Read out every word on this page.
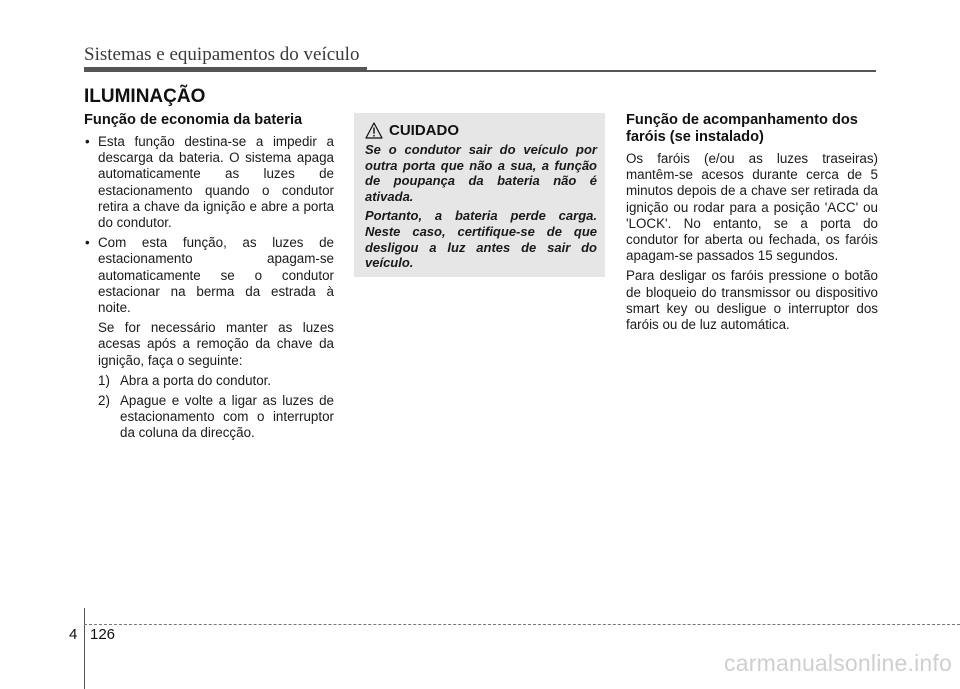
Sistemas e equipamentos do veículo
ILUMINAÇÃO
Função de economia da bateria
• Esta função destina-se a impedir a descarga da bateria. O sistema apaga automaticamente as luzes de estacionamento quando o condutor retira a chave da ignição e abre a porta do condutor.
• Com esta função, as luzes de estacionamento apagam-se automaticamente se o condutor estacionar na berma da estrada à noite.

Se for necessário manter as luzes acesas após a remoção da chave da ignição, faça o seguinte:

1) Abra a porta do condutor.
2) Apague e volte a ligar as luzes de estacionamento com o interruptor da coluna da direcção.
CUIDADO

Se o condutor sair do veículo por outra porta que não a sua, a função de poupança da bateria não é ativada.

Portanto, a bateria perde carga. Neste caso, certifique-se de que desligou a luz antes de sair do veículo.

Função de acompanhamento dos faróis (se instalado)

Os faróis (e/ou as luzes traseiras) mantêm-se acesos durante cerca de 5 minutos depois de a chave ser retirada da ignição ou rodar para a posição 'ACC' ou 'LOCK'. No entanto, se a porta do condutor for aberta ou fechada, os faróis apagam-se passados 15 segundos.

Para desligar os faróis pressione o botão de bloqueio do transmissor ou dispositivo smart key ou desligue o interruptor dos faróis ou de luz automática.

4 126
carmanualsonline.info
